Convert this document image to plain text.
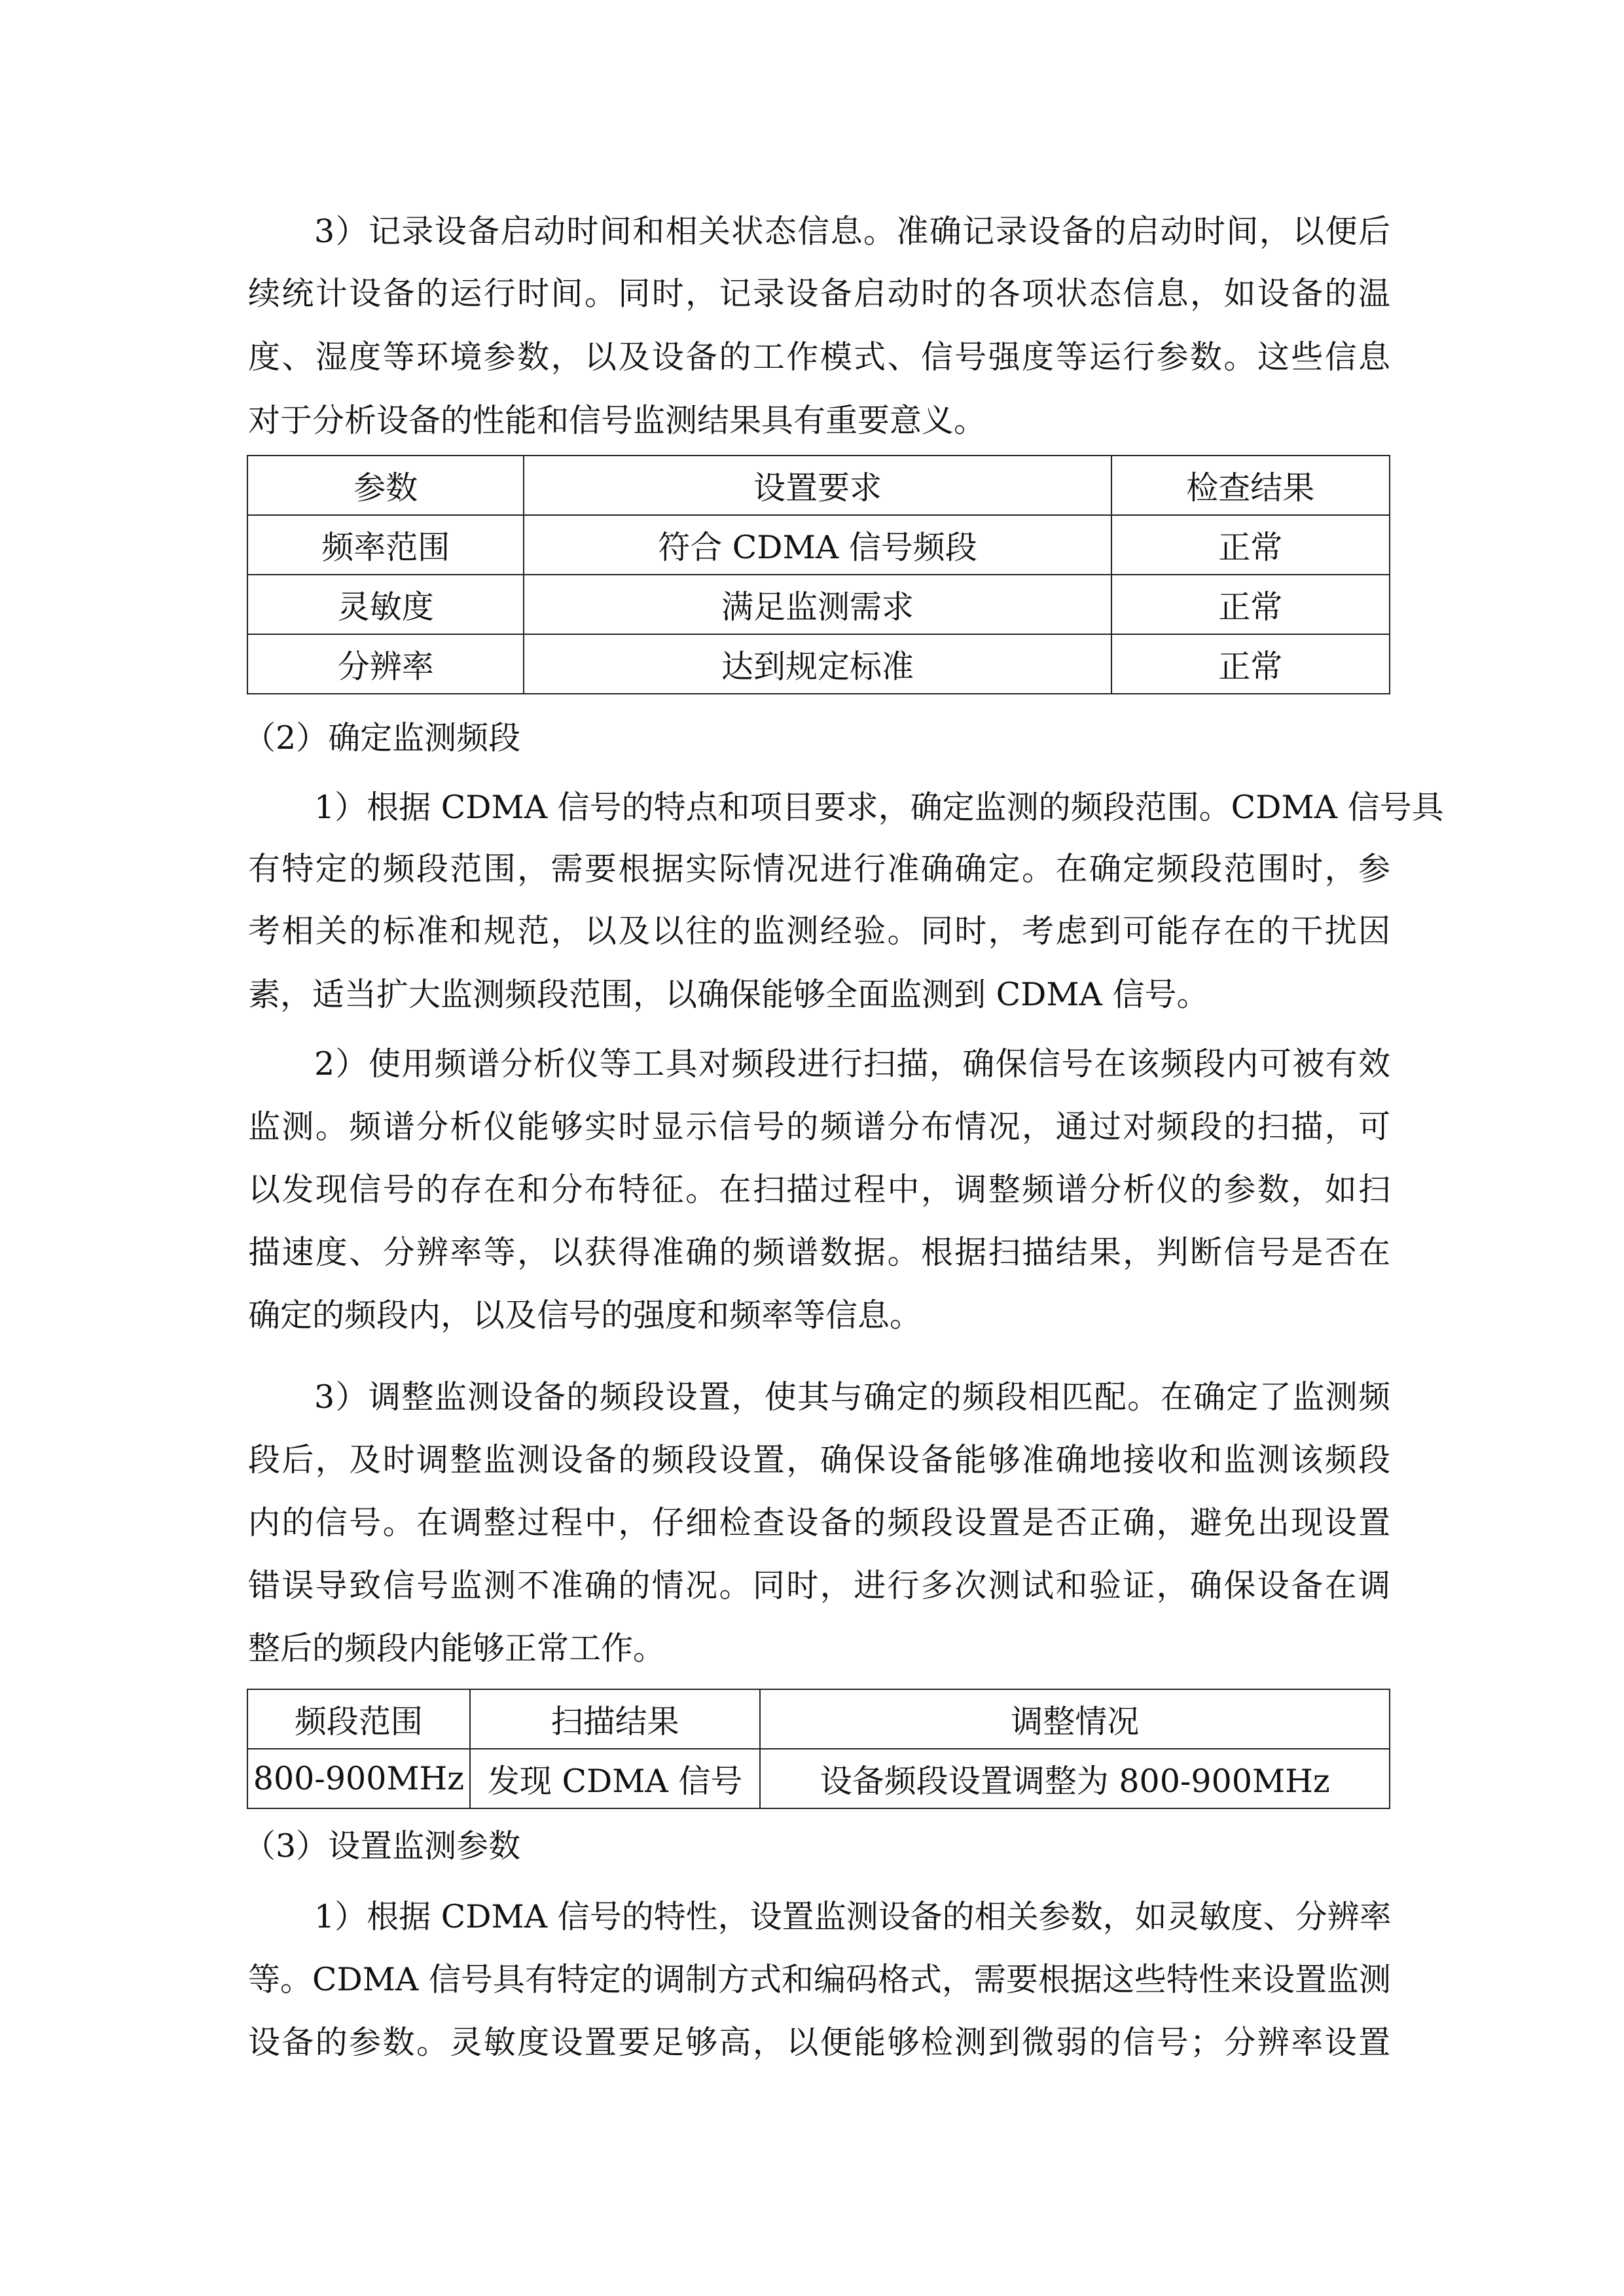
3）记录设备启动时间和相关状态信息。准确记录设备的启动时间，以便后
续统计设备的运行时间。同时，记录设备启动时的各项状态信息，如设备的温
度、湿度等环境参数，以及设备的工作模式、信号强度等运行参数。这些信息
对于分析设备的性能和信号监测结果具有重要意义。
参数	设置要求	检查结果
频率范围	符合 CDMA 信号频段	正常
灵敏度	满足监测需求	正常
分辨率	达到规定标准	正常
（2）确定监测频段
1）根据 CDMA 信号的特点和项目要求，确定监测的频段范围。CDMA 信号具
有特定的频段范围，需要根据实际情况进行准确确定。在确定频段范围时，参
考相关的标准和规范，以及以往的监测经验。同时，考虑到可能存在的干扰因
素，适当扩大监测频段范围，以确保能够全面监测到 CDMA 信号。
2）使用频谱分析仪等工具对频段进行扫描，确保信号在该频段内可被有效
监测。频谱分析仪能够实时显示信号的频谱分布情况，通过对频段的扫描，可
以发现信号的存在和分布特征。在扫描过程中，调整频谱分析仪的参数，如扫
描速度、分辨率等，以获得准确的频谱数据。根据扫描结果，判断信号是否在
确定的频段内，以及信号的强度和频率等信息。
3）调整监测设备的频段设置，使其与确定的频段相匹配。在确定了监测频
段后，及时调整监测设备的频段设置，确保设备能够准确地接收和监测该频段
内的信号。在调整过程中，仔细检查设备的频段设置是否正确，避免出现设置
错误导致信号监测不准确的情况。同时，进行多次测试和验证，确保设备在调
整后的频段内能够正常工作。
频段范围	扫描结果	调整情况
800-900MHz	发现 CDMA 信号	设备频段设置调整为 800-900MHz
（3）设置监测参数
1）根据 CDMA 信号的特性，设置监测设备的相关参数，如灵敏度、分辨率
等。CDMA 信号具有特定的调制方式和编码格式，需要根据这些特性来设置监测
设备的参数。灵敏度设置要足够高，以便能够检测到微弱的信号；分辨率设置
